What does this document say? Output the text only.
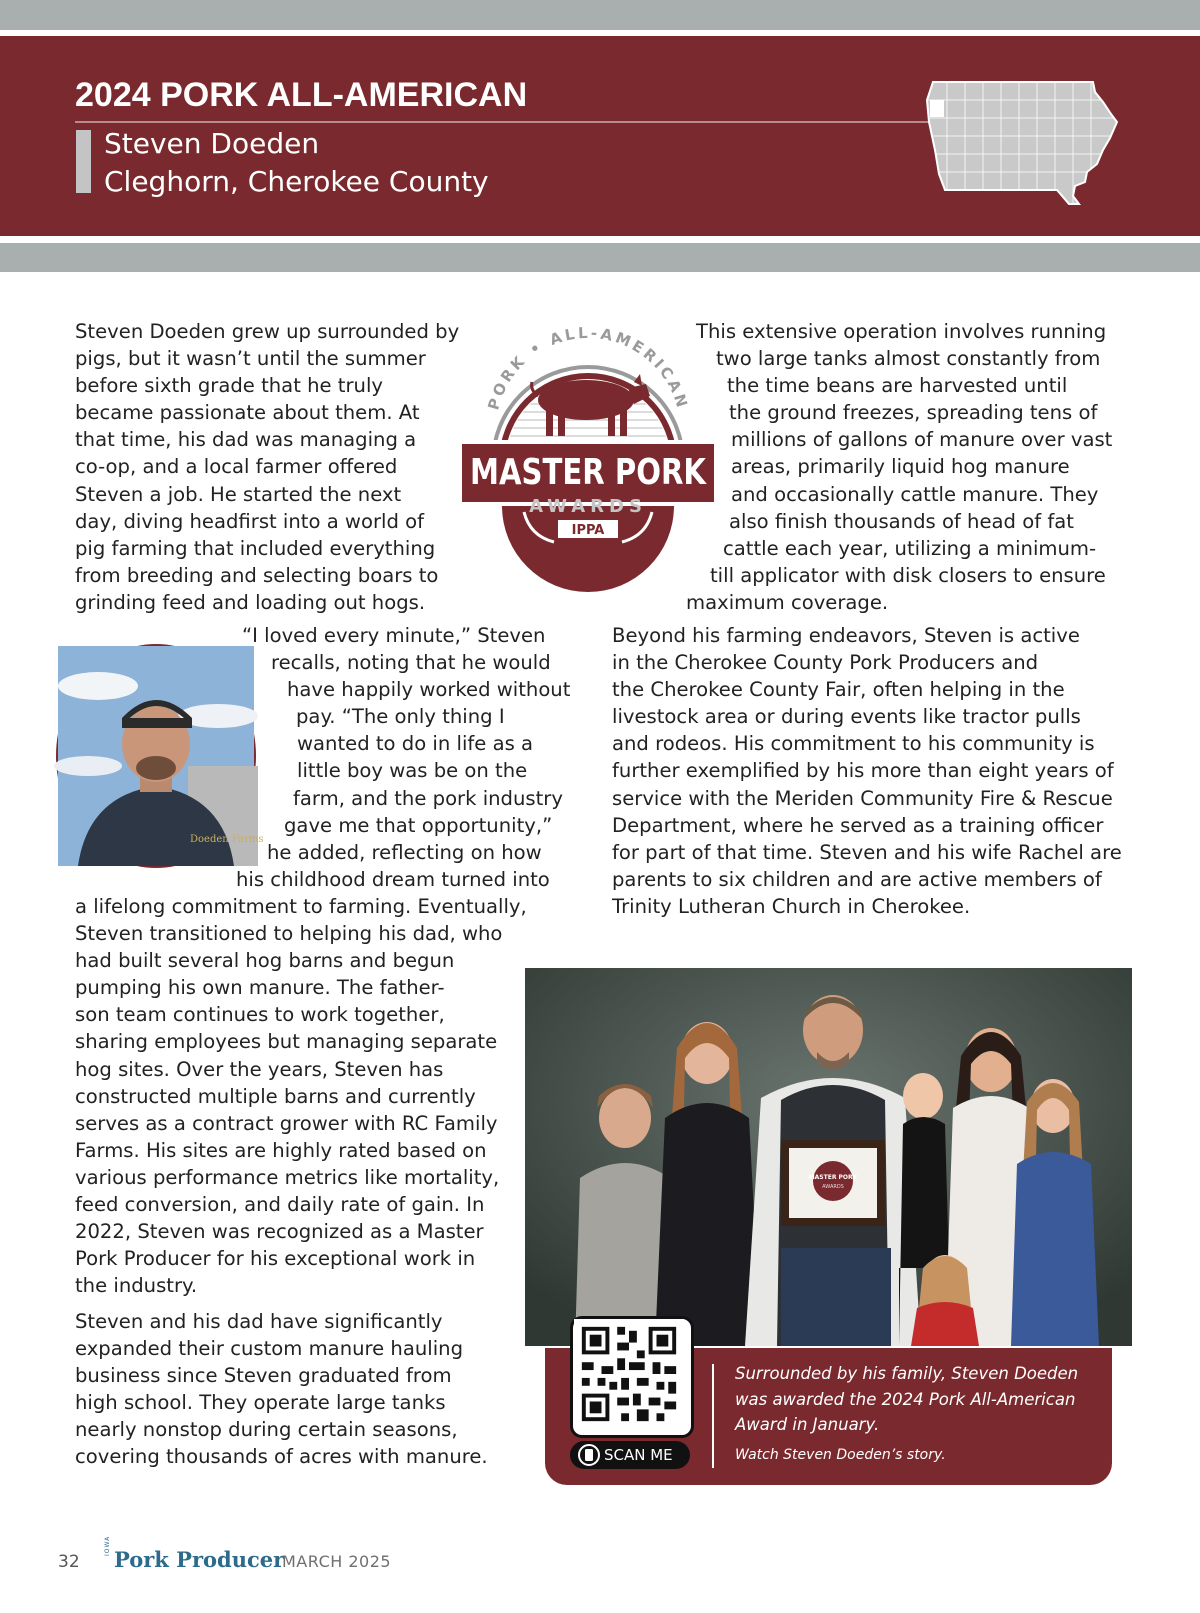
2024 PORK ALL-AMERICAN

Steven Doeden

Cleghorn, Cherokee County

Steven Doeden grew up surrounded by
pigs, but it wasn’t until the summer
before sixth grade that he truly
became passionate about them. At
that time, his dad was managing a
co-op, and a local farmer offered
Steven a job. He started the next
day, diving headfirst into a world of
pig farming that included everything
from breeding and selecting boars to
grinding feed and loading out hogs.

PORK • ALL-AMERICAN
MASTER PORK
AWARDS
IPPA
Doeden Farms

“I loved every minute,” Steven
recalls, noting that he would
have happily worked without
pay. “The only thing I
wanted to do in life as a
little boy was be on the
farm, and the pork industry
gave me that opportunity,”
he added, reflecting on how
his childhood dream turned into

a lifelong commitment to farming. Eventually,
Steven transitioned to helping his dad, who
had built several hog barns and begun
pumping his own manure. The father-
son team continues to work together,
sharing employees but managing separate
hog sites. Over the years, Steven has
constructed multiple barns and currently
serves as a contract grower with RC Family
Farms. His sites are highly rated based on
various performance metrics like mortality,
feed conversion, and daily rate of gain. In
2022, Steven was recognized as a Master
Pork Producer for his exceptional work in
the industry.

Steven and his dad have significantly
expanded their custom manure hauling
business since Steven graduated from
high school. They operate large tanks
nearly nonstop during certain seasons,
covering thousands of acres with manure.

This extensive operation involves running
two large tanks almost constantly from
the time beans are harvested until
the ground freezes, spreading tens of
millions of gallons of manure over vast
areas, primarily liquid hog manure
and occasionally cattle manure. They
also finish thousands of head of fat
cattle each year, utilizing a minimum-
till applicator with disk closers to ensure
maximum coverage.

Beyond his farming endeavors, Steven is active
in the Cherokee County Pork Producers and
the Cherokee County Fair, often helping in the
livestock area or during events like tractor pulls
and rodeos. His commitment to his community is
further exemplified by his more than eight years of
service with the Meriden Community Fire & Rescue
Department, where he served as a training officer
for part of that time. Steven and his wife Rachel are
parents to six children and are active members of
Trinity Lutheran Church in Cherokee.

MASTER PORK
AWARDS
SCAN ME

Surrounded by his family, Steven Doeden
was awarded the 2024 Pork All-American
Award in January.

Watch Steven Doeden’s story.

32
IOWA
Pork Producer
MARCH 2025
